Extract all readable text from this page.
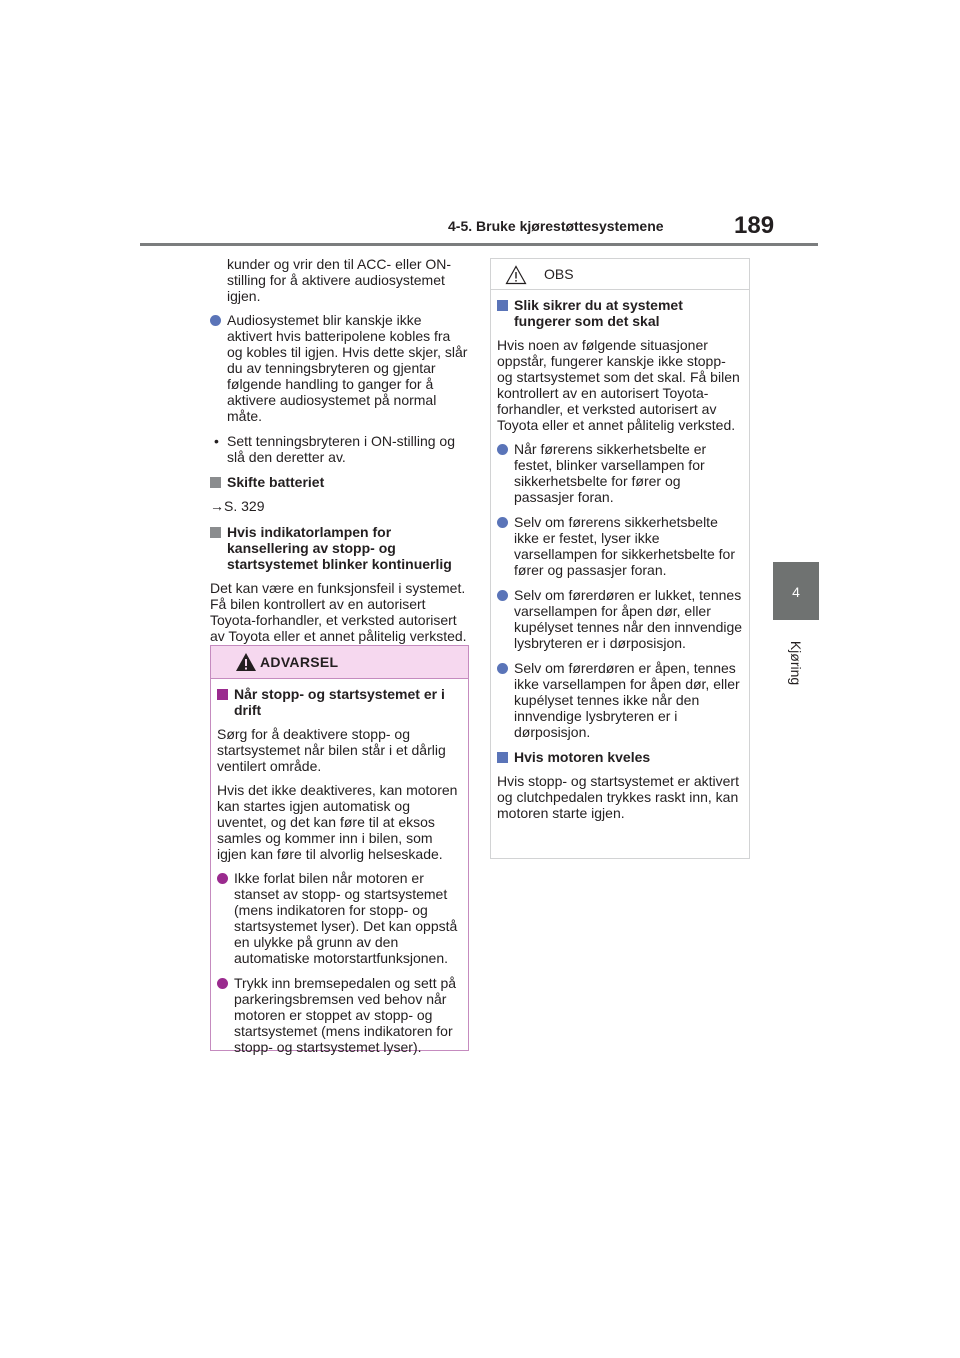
4-5. Bruke kjørestøttesystemene	189
4
Kjøring

kunder og vrir den til ACC- eller ON-stilling for å aktivere audiosystemet igjen.

Audiosystemet blir kanskje ikke aktivert hvis batteripolene kobles fra og kobles til igjen. Hvis dette skjer, slår du av tenningsbryteren og gjentar følgende handling to ganger for å aktivere audiosystemet på normal måte.
• Sett tenningsbryteren i ON-stilling og slå den deretter av.
Skifte batteriet

→S. 329

Hvis indikatorlampen for kansellering av stopp- og startsystemet blinker kontinuerlig

Det kan være en funksjonsfeil i systemet. Få bilen kontrollert av en autorisert Toyota-forhandler, et verksted autorisert av Toyota eller et annet pålitelig verksted.

ADVARSEL
Når stopp- og startsystemet er i drift

Sørg for å deaktivere stopp- og startsystemet når bilen står i et dårlig ventilert område.

Hvis det ikke deaktiveres, kan motoren kan startes igjen automatisk og uventet, og det kan føre til at eksos samles og kommer inn i bilen, som igjen kan føre til alvorlig helseskade.

Ikke forlat bilen når motoren er stanset av stopp- og startsystemet (mens indikatoren for stopp- og startsystemet lyser). Det kan oppstå en ulykke på grunn av den automatiske motorstartfunksjonen.
Trykk inn bremsepedalen og sett på parkeringsbremsen ved behov når motoren er stoppet av stopp- og startsystemet (mens indikatoren for stopp- og startsystemet lyser).
OBS
Slik sikrer du at systemet fungerer som det skal

Hvis noen av følgende situasjoner oppstår, fungerer kanskje ikke stopp- og startsystemet som det skal. Få bilen kontrollert av en autorisert Toyota-forhandler, et verksted autorisert av Toyota eller et annet pålitelig verksted.

Når førerens sikkerhetsbelte er festet, blinker varsellampen for sikkerhetsbelte for fører og passasjer foran.
Selv om førerens sikkerhetsbelte ikke er festet, lyser ikke varsellampen for sikkerhetsbelte for fører og passasjer foran.
Selv om førerdøren er lukket, tennes varsellampen for åpen dør, eller kupélyset tennes når den innvendige lysbryteren er i dørposisjon.
Selv om førerdøren er åpen, tennes ikke varsellampen for åpen dør, eller kupélyset tennes ikke når den innvendige lysbryteren er i dørposisjon.
Hvis motoren kveles

Hvis stopp- og startsystemet er aktivert og clutchpedalen trykkes raskt inn, kan motoren starte igjen.
